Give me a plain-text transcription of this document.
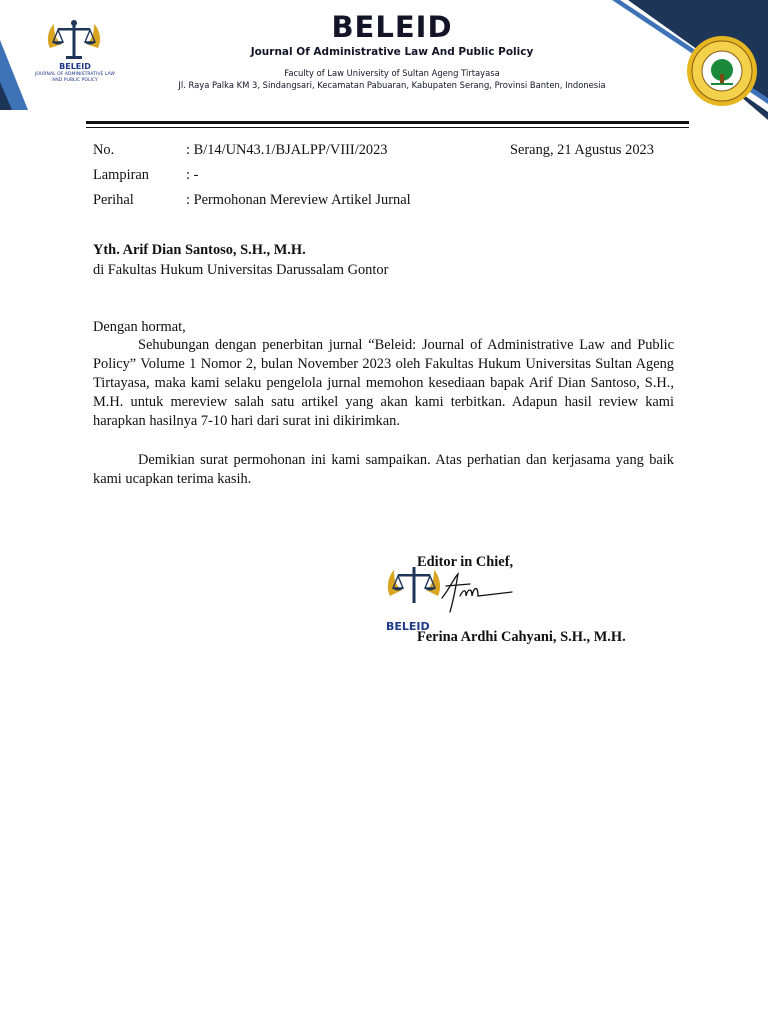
BELEID
JOURNAL OF ADMINISTRATIVE LAW
AND PUBLIC POLICY
BELEID
Journal Of Administrative Law And Public Policy
Faculty of Law University of Sultan Ageng Tirtayasa
Jl. Raya Palka KM 3, Sindangsari, Kecamatan Pabuaran, Kabupaten Serang, Provinsi Banten, Indonesia
No.	: B/14/UN43.1/BJALPP/VIII/2023	Serang, 21 Agustus 2023
Lampiran	: -
Perihal	: Permohonan Mereview Artikel Jurnal
Yth. Arif Dian Santoso, S.H., M.H.
di Fakultas Hukum Universitas Darussalam Gontor
Dengan hormat,
Sehubungan dengan penerbitan jurnal “Beleid: Journal of Administrative Law and Public Policy” Volume 1 Nomor 2, bulan November 2023 oleh Fakultas Hukum Universitas Sultan Ageng Tirtayasa, maka kami selaku pengelola jurnal memohon kesediaan bapak Arif Dian Santoso, S.H., M.H. untuk mereview salah satu artikel yang akan kami terbitkan. Adapun hasil review kami harapkan hasilnya 7-10 hari dari surat ini dikirimkan.
Demikian surat permohonan ini kami sampaikan. Atas perhatian dan kerjasama yang baik kami ucapkan terima kasih.
BELEID
Editor in Chief,
Ferina Ardhi Cahyani, S.H., M.H.
